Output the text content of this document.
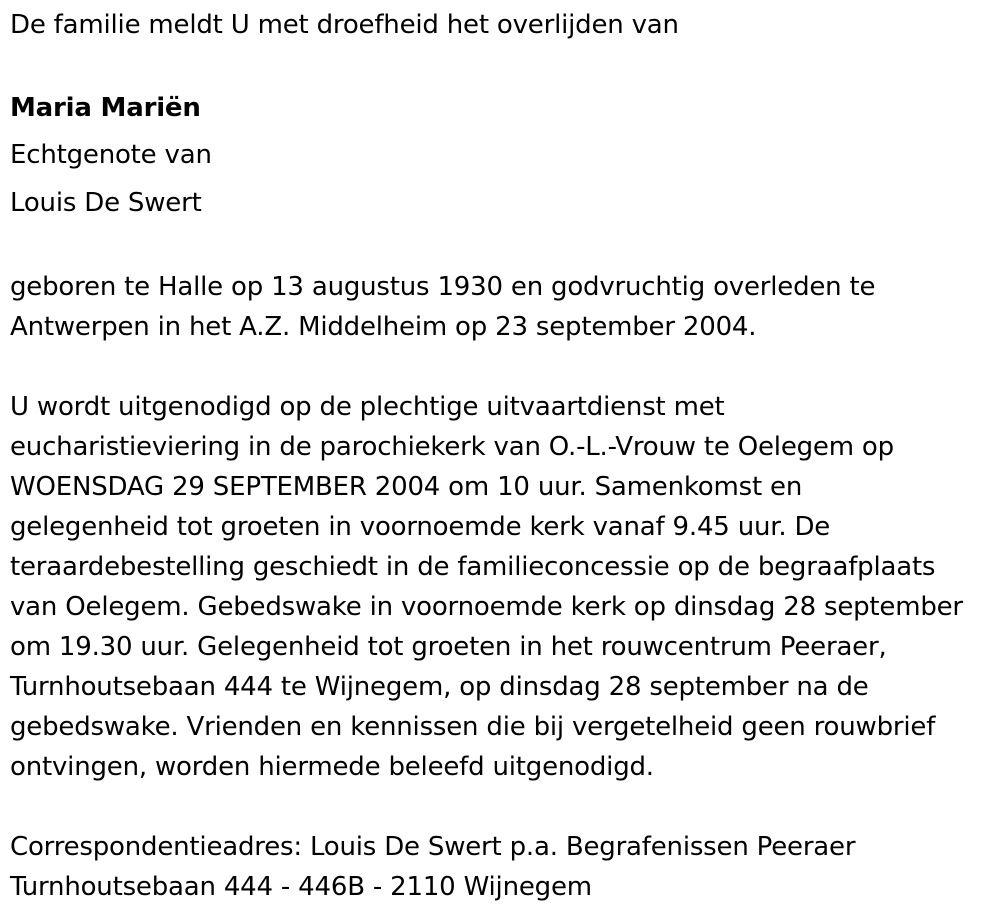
De familie meldt U met droefheid het overlijden van

Maria Mariën

Echtgenote van

Louis De Swert

geboren te Halle op 13 augustus 1930 en godvruchtig overleden te

Antwerpen in het A.Z. Middelheim op 23 september 2004.

U wordt uitgenodigd op de plechtige uitvaartdienst met

eucharistieviering in de parochiekerk van O.-L.-Vrouw te Oelegem op

WOENSDAG 29 SEPTEMBER 2004 om 10 uur. Samenkomst en

gelegenheid tot groeten in voornoemde kerk vanaf 9.45 uur. De

teraardebestelling geschiedt in de familieconcessie op de begraafplaats

van Oelegem. Gebedswake in voornoemde kerk op dinsdag 28 september

om 19.30 uur. Gelegenheid tot groeten in het rouwcentrum Peeraer,

Turnhoutsebaan 444 te Wijnegem, op dinsdag 28 september na de

gebedswake. Vrienden en kennissen die bij vergetelheid geen rouwbrief

ontvingen, worden hiermede beleefd uitgenodigd.

Correspondentieadres: Louis De Swert p.a. Begrafenissen Peeraer

Turnhoutsebaan 444 - 446B - 2110 Wijnegem
